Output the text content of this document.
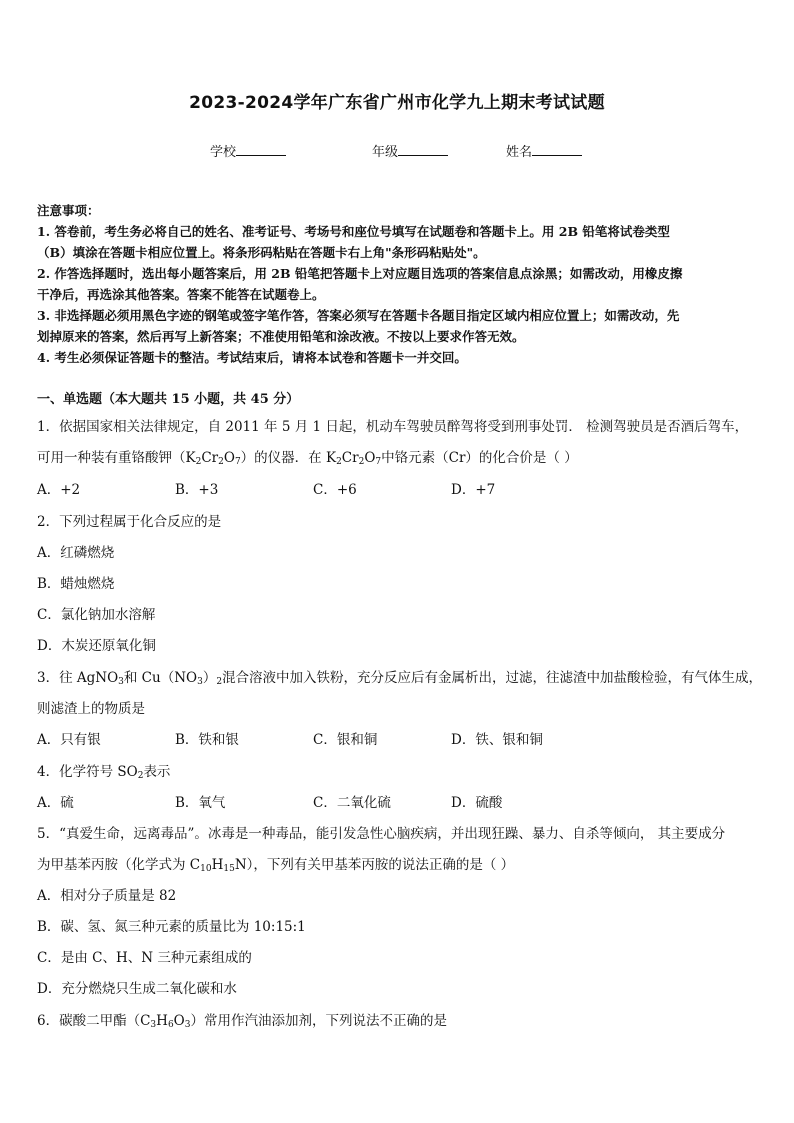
2023-2024学年广东省广州市化学九上期末考试试题
学校	年级	姓名
注意事项：
1. 答卷前，考生务必将自己的姓名、准考证号、考场号和座位号填写在试题卷和答题卡上。用 2B 铅笔将试卷类型
（B）填涂在答题卡相应位置上。将条形码粘贴在答题卡右上角"条形码粘贴处"。
2. 作答选择题时，选出每小题答案后，用 2B 铅笔把答题卡上对应题目选项的答案信息点涂黑；如需改动，用橡皮擦
干净后，再选涂其他答案。答案不能答在试题卷上。
3. 非选择题必须用黑色字迹的钢笔或签字笔作答，答案必须写在答题卡各题目指定区域内相应位置上；如需改动，先
划掉原来的答案，然后再写上新答案；不准使用铅笔和涂改液。不按以上要求作答无效。
4. 考生必须保证答题卡的整洁。考试结束后，请将本试卷和答题卡一并交回。
一、单选题（本大题共 15 小题，共 45 分）
1．依据国家相关法律规定，自 2011 年 5 月 1 日起，机动车驾驶员醉驾将受到刑事处罚． 检测驾驶员是否酒后驾车，
可用一种装有重铬酸钾$(K_2Cr_2O_7)$的仪器．在 $K_2Cr_2O_7$中铬元素（Cr）的化合价是（ ）
A．+2	B．+3	C．+6	D．+7
2．下列过程属于化合反应的是
A．红磷燃烧
B．蜡烛燃烧
C．氯化钠加水溶解
D．木炭还原氧化铜
3．往 AgNO$_3$和 $Cu(NO_3)_2$混合溶液中加入铁粉，充分反应后有金属析出，过滤，往滤渣中加盐酸检验，有气体生成，
则滤渣上的物质是
A．只有银	B．铁和银	C．银和铜	D．铁、银和铜
4．化学符号 $SO_2$表示
A．硫	B．氧气	C．二氧化硫	D．硫酸
5．“真爱生命，远离毒品”。冰毒是一种毒品，能引发急性心脑疾病，并出现狂躁、暴力、自杀等倾向， 其主要成分
为甲基苯丙胺（化学式为 $C_{10}H_{15}N$），下列有关甲基苯丙胺的说法正确的是（ ）
A．相对分子质量是 82
B．碳、氢、氮三种元素的质量比为 10:15:1
C．是由 C、H、N 三种元素组成的
D．充分燃烧只生成二氧化碳和水
6．碳酸二甲酯$(C_3H_6O_3)$常用作汽油添加剂，下列说法不正确的是
